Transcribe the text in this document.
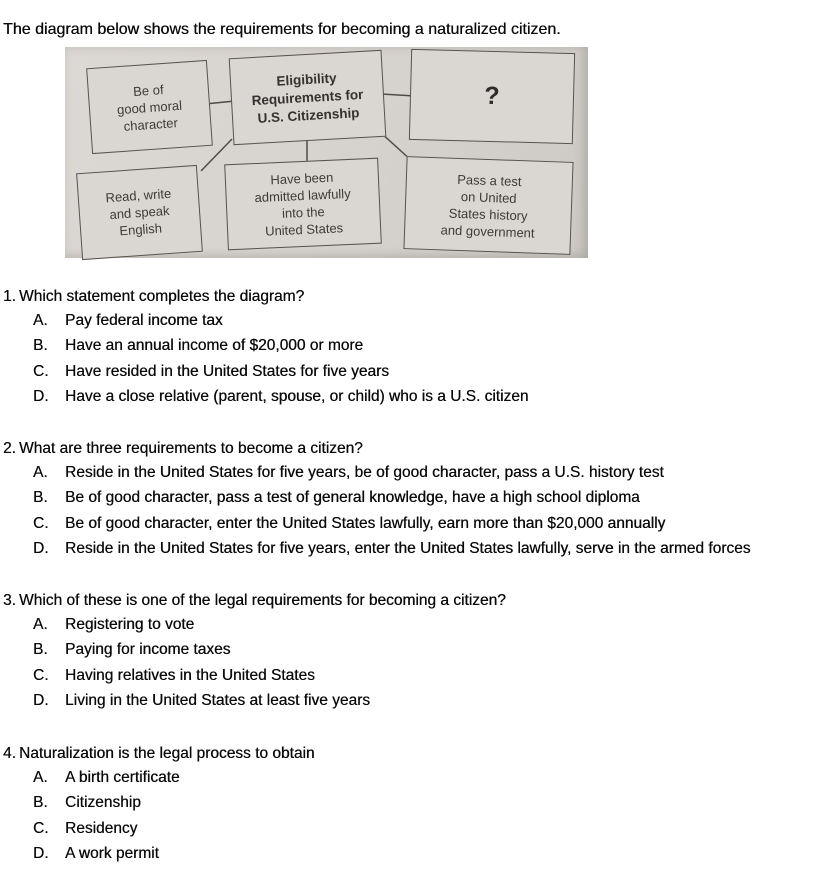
The diagram below shows the requirements for becoming a naturalized citizen.

Be of
good moral
character
Eligibility
Requirements for
U.S. Citizenship
?
Read, write
and speak
English
Have been
admitted lawfully
into the
United States
Pass a test
on United
States history
and government
1. Which statement completes the diagram?
A.	Pay federal income tax
B.	Have an annual income of $20,000 or more
C.	Have resided in the United States for five years
D.	Have a close relative (parent, spouse, or child) who is a U.S. citizen
2. What are three requirements to become a citizen?
A.	Reside in the United States for five years, be of good character, pass a U.S. history test
B.	Be of good character, pass a test of general knowledge, have a high school diploma
C.	Be of good character, enter the United States lawfully, earn more than $20,000 annually
D.	Reside in the United States for five years, enter the United States lawfully, serve in the armed forces
3. Which of these is one of the legal requirements for becoming a citizen?
A.	Registering to vote
B.	Paying for income taxes
C.	Having relatives in the United States
D.	Living in the United States at least five years
4. Naturalization is the legal process to obtain
A.	A birth certificate
B.	Citizenship
C.	Residency
D.	A work permit
